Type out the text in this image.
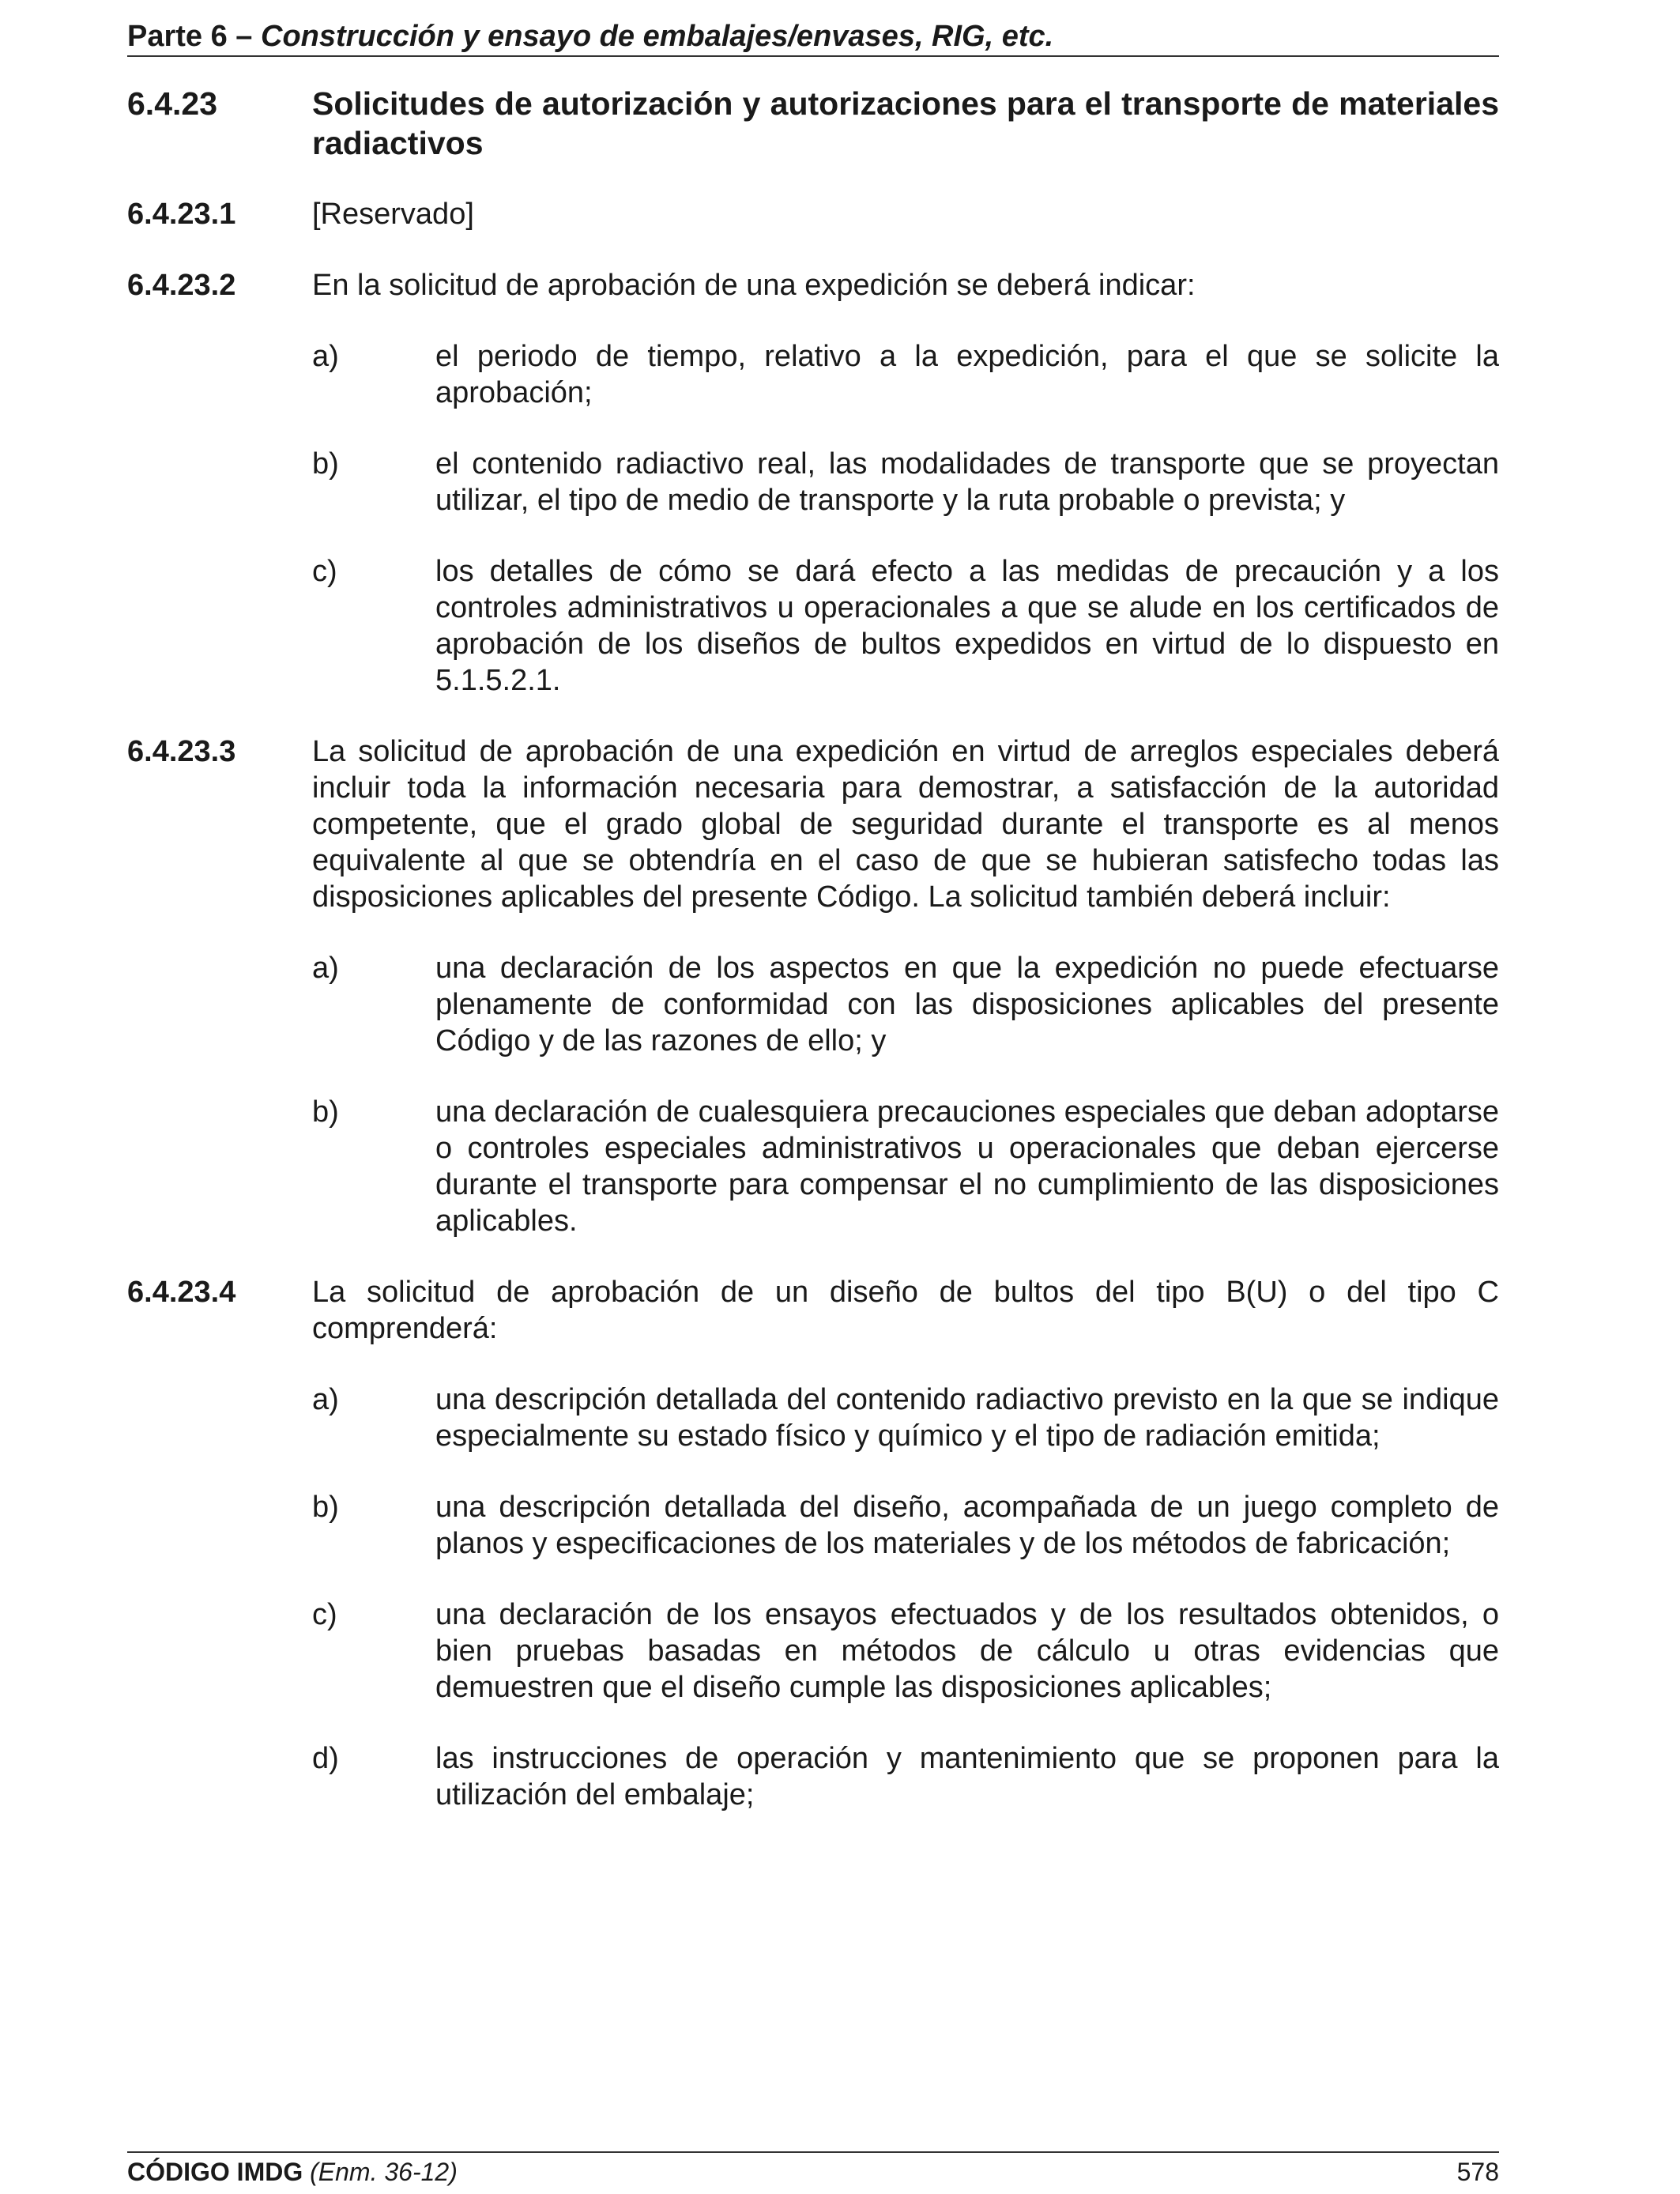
Parte 6 – Construcción y ensayo de embalajes/envases, RIG, etc.
6.4.23	Solicitudes de autorización y autorizaciones para el transporte de materiales radiactivos
6.4.23.1	[Reservado]
6.4.23.2	En la solicitud de aprobación de una expedición se deberá indicar:
a)	el periodo de tiempo, relativo a la expedición, para el que se solicite la aprobación;
b)	el contenido radiactivo real, las modalidades de transporte que se proyectan utilizar, el tipo de medio de transporte y la ruta probable o prevista; y
c)	los detalles de cómo se dará efecto a las medidas de precaución y a los controles administrativos u operacionales a que se alude en los certificados de aprobación de los diseños de bultos expedidos en virtud de lo dispuesto en 5.1.5.2.1.
6.4.23.3	La solicitud de aprobación de una expedición en virtud de arreglos especiales deberá incluir toda la información necesaria para demostrar, a satisfacción de la autoridad competente, que el grado global de seguridad durante el transporte es al menos equivalente al que se obtendría en el caso de que se hubieran satisfecho todas las disposiciones aplicables del presente Código. La solicitud también deberá incluir:
a)	una declaración de los aspectos en que la expedición no puede efectuarse plenamente de conformidad con las disposiciones aplicables del presente Código y de las razones de ello; y
b)	una declaración de cualesquiera precauciones especiales que deban adoptarse o controles especiales administrativos u operacionales que deban ejercerse durante el transporte para compensar el no cumplimiento de las disposiciones aplicables.
6.4.23.4	La solicitud de aprobación de un diseño de bultos del tipo B(U) o del tipo C comprenderá:
a)	una descripción detallada del contenido radiactivo previsto en la que se indique especialmente su estado físico y químico y el tipo de radiación emitida;
b)	una descripción detallada del diseño, acompañada de un juego completo de planos y especificaciones de los materiales y de los métodos de fabricación;
c)	una declaración de los ensayos efectuados y de los resultados obtenidos, o bien pruebas basadas en métodos de cálculo u otras evidencias que demuestren que el diseño cumple las disposiciones aplicables;
d)	las instrucciones de operación y mantenimiento que se proponen para la utilización del embalaje;
CÓDIGO IMDG (Enm. 36-12)	578
